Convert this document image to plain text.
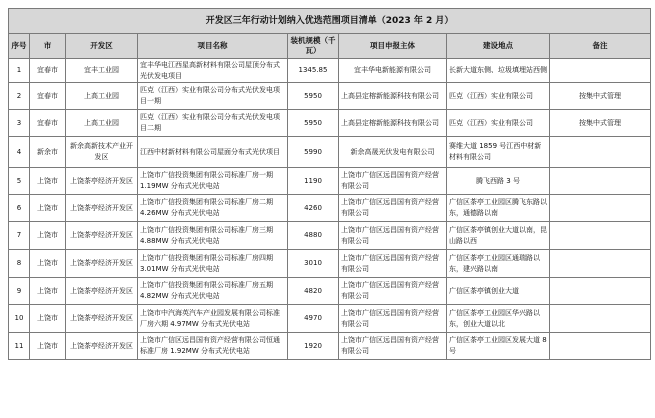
开发区三年行动计划纳入优选范围项目清单（2023 年 2 月）							
序号	市	开发区	项目名称	装机规模（千瓦）	项目申报主体	建设地点	备注
1	宜春市	宜丰工业园	宜丰华电江西星高新材料有限公司屋顶分布式光伏发电项目	1345.85	宜丰华电新能源有限公司	长新大道东侧、垃圾填埋站西侧	
2	宜春市	上高工业园	匹克（江西）实业有限公司分布式光伏发电项目一期	5950	上高县定榕新能源科技有限公司	匹克（江西）实业有限公司	按集中式管理
3	宜春市	上高工业园	匹克（江西）实业有限公司分布式光伏发电项目二期	5950	上高县定榕新能源科技有限公司	匹克（江西）实业有限公司	按集中式管理
4	新余市	新余高新技术产业开发区	江西中材新材料有限公司屋面分布式光伏项目	5990	新余高晟光伏发电有限公司	赛维大道 1859 号江西中材新材料有限公司	
5	上饶市	上饶茶亭经济开发区	上饶市广信投资集团有限公司标准厂房一期 1.19MW 分布式光伏电站	1190	上饶市广信区远昌国有资产经营有限公司	腾飞西路 3 号	
6	上饶市	上饶茶亭经济开发区	上饶市广信投资集团有限公司标准厂房二期 4.26MW 分布式光伏电站	4260	上饶市广信区远昌国有资产经营有限公司	广信区茶亭工业园区腾飞东路以东，通德路以南	
7	上饶市	上饶茶亭经济开发区	上饶市广信投资集团有限公司标准厂房三期 4.88MW 分布式光伏电站	4880	上饶市广信区远昌国有资产经营有限公司	广信区茶亭镇创业大道以南，昆山路以西	
8	上饶市	上饶茶亭经济开发区	上饶市广信投资集团有限公司标准厂房四期 3.01MW 分布式光伏电站	3010	上饶市广信区远昌国有资产经营有限公司	广信区茶亭工业园区通瑞路以东，建兴路以南	
9	上饶市	上饶茶亭经济开发区	上饶市广信投资集团有限公司标准厂房五期 4.82MW 分布式光伏电站	4820	上饶市广信区远昌国有资产经营有限公司	广信区茶亭镇创业大道	
10	上饶市	上饶茶亭经济开发区	上饶市中汽海英汽车产业园发展有限公司标准厂房六期 4.97MW 分布式光伏电站	4970	上饶市广信区远昌国有资产经营有限公司	广信区茶亭工业园区华兴路以东，创业大道以北	
11	上饶市	上饶茶亭经济开发区	上饶市广信区远昌国有资产经营有限公司恒通标准厂房 1.92MW 分布式光伏电站	1920	上饶市广信区远昌国有资产经营有限公司	广信区茶亭工业园区发展大道 8 号	
